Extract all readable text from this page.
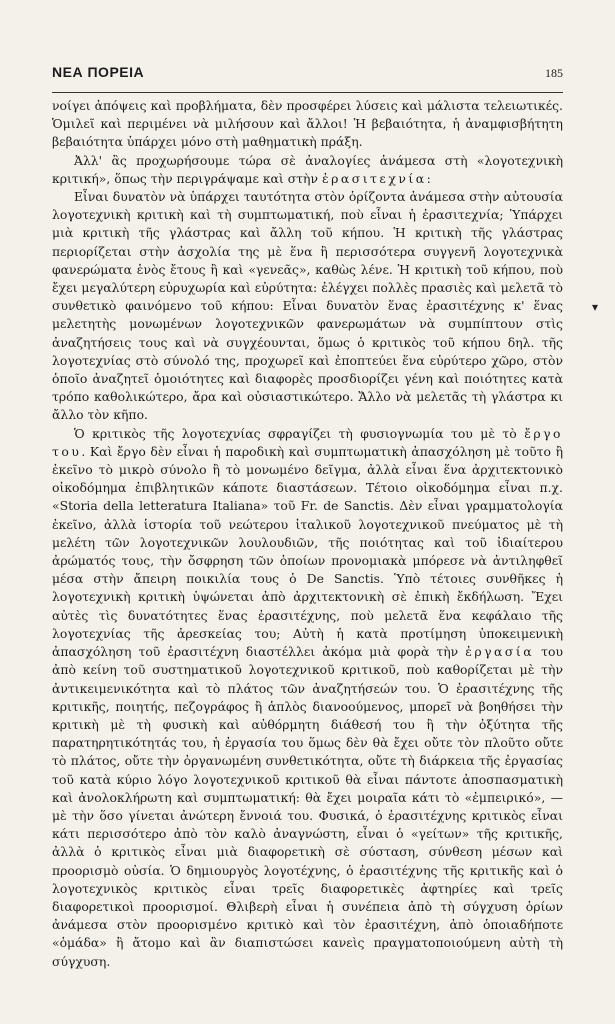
ΝΕΑ ΠΟΡΕΙΑ	185

νοίγει ἀπόψεις καὶ προβλήματα, δὲν προσφέρει λύσεις καὶ μάλιστα τελειωτικές. Ὁμιλεῖ καὶ περιμένει νὰ μιλήσουν καὶ ἄλλοι! Ἡ βεβαιότητα, ἡ ἀναμφισβήτητη βεβαιότητα ὑπάρχει μόνο στὴ μαθηματικὴ πράξη.

Ἀλλ' ἂς προχωρήσουμε τώρα σὲ ἀναλογίες ἀνάμεσα στὴ «λογοτεχνικὴ κριτική», ὅπως τὴν περιγράψαμε καὶ στὴν ἐρασιτεχνία:

Εἶναι δυνατὸν νὰ ὑπάρχει ταυτότητα στὸν ὁρίζοντα ἀνάμεσα στὴν αὐτουσία λογοτεχνικὴ κριτικὴ καὶ τὴ συμπτωματική, ποὺ εἶναι ἡ ἐρασιτεχνία; Ὑπάρχει μιὰ κριτικὴ τῆς γλάστρας καὶ ἄλλη τοῦ κήπου. Ἡ κριτικὴ τῆς γλάστρας περιορίζεται στὴν ἀσχολία της μὲ ἕνα ἢ περισσότερα συγγενῆ λογοτεχνικὰ φανερώματα ἑνὸς ἔτους ἢ καὶ «γενεᾶς», καθὼς λένε. Ἡ κριτικὴ τοῦ κήπου, ποὺ ἔχει μεγαλύτερη εὐρυχωρία καὶ εὐρύτητα: ἐλέγχει πολλὲς πρασιὲς καὶ μελετᾶ τὸ συνθετικὸ φαινόμενο τοῦ κήπου: Εἶναι δυνατὸν ἕνας ἐρασιτέχνης κ' ἕνας μελετητὴς μονωμένων λογοτεχνικῶν φανερωμάτων νὰ συμπίπτουν στὶς ἀναζητήσεις τους καὶ νὰ συγχέουνται, ὅμως ὁ κριτικὸς τοῦ κήπου δηλ. τῆς λογοτεχνίας στὸ σύνολό της, προχωρεῖ καὶ ἐποπτεύει ἕνα εὐρύτερο χῶρο, στὸν ὁποῖο ἀναζητεῖ ὁμοιότητες καὶ διαφορὲς προσδιορίζει γένη καὶ ποιότητες κατὰ τρόπο καθολικώτερο, ἄρα καὶ οὐσιαστικώτερο. Ἄλλο νὰ μελετᾶς τὴ γλάστρα κι ἄλλο τὸν κῆπο.

Ὁ κριτικὸς τῆς λογοτεχνίας σφραγίζει τὴ φυσιογνωμία του μὲ τὸ ἔργο του. Καὶ ἔργο δὲν εἶναι ἡ παροδικὴ καὶ συμπτωματικὴ ἀπασχόληση μὲ τοῦτο ἢ ἐκεῖνο τὸ μικρὸ σύνολο ἢ τὸ μονωμένο δεῖγμα, ἀλλὰ εἶναι ἕνα ἀρχιτεκτονικὸ οἰκοδόμημα ἐπιβλητικῶν κάποτε διαστάσεων. Τέτοιο οἰκοδόμημα εἶναι π.χ. «Storia della letteratura Italiana» τοῦ Fr. de Sanctis. Δὲν εἶναι γραμματολογία ἐκεῖνο, ἀλλὰ ἱστορία τοῦ νεώτερου ἰταλικοῦ λογοτεχνικοῦ πνεύματος μὲ τὴ μελέτη τῶν λογοτεχνικῶν λουλουδιῶν, τῆς ποιότητας καὶ τοῦ ἰδιαίτερου ἀρώματός τους, τὴν ὄσφρηση τῶν ὁποίων προνομιακὰ μπόρεσε νὰ ἀντιληφθεῖ μέσα στὴν ἄπειρη ποικιλία τους ὁ De Sanctis. Ὑπὸ τέτοιες συνθῆκες ἡ λογοτεχνικὴ κριτικὴ ὑψώνεται ἀπὸ ἀρχιτεκτονικὴ σὲ ἐπικὴ ἔκδήλωση. Ἔχει αὐτὲς τὶς δυνατότητες ἕνας ἐρασιτέχνης, ποὺ μελετᾶ ἕνα κεφάλαιο τῆς λογοτεχνίας τῆς ἀρεσκείας του; Αὐτὴ ἡ κατὰ προτίμηση ὑποκειμενικὴ ἀπασχόληση τοῦ ἐρασιτέχνη διαστέλλει ἀκόμα μιὰ φορὰ τὴν ἐργασία του ἀπὸ κείνη τοῦ συστηματικοῦ λογοτεχνικοῦ κριτικοῦ, ποὺ καθορίζεται μὲ τὴν ἀντικειμενικότητα καὶ τὸ πλάτος τῶν ἀναζητήσεών του. Ὁ ἐρασιτέχνης τῆς κριτικῆς, ποιητής, πεζογράφος ἢ ἁπλὸς διανοούμενος, μπορεῖ νὰ βοηθήσει τὴν κριτικὴ μὲ τὴ φυσικὴ καὶ αὐθόρμητη διάθεσή του ἢ τὴν ὀξύτητα τῆς παρατηρητικότητάς του, ἡ ἐργασία του ὅμως δὲν θὰ ἔχει οὔτε τὸν πλοῦτο οὔτε τὸ πλάτος, οὔτε τὴν ὀργανωμένη συνθετικότητα, οὔτε τὴ διάρκεια τῆς ἐργασίας τοῦ κατὰ κύριο λόγο λογοτεχνικοῦ κριτικοῦ θὰ εἶναι πάντοτε ἀποσπασματικὴ καὶ ἀνολοκλήρωτη καὶ συμπτωματική: θὰ ἔχει μοιραῖα κάτι τὸ «ἐμπειρικό», — μὲ τὴν ὅσο γίνεται ἀνώτερη ἔννοιά του. Φυσικά, ὁ ἐρασιτέχνης κριτικὸς εἶναι κάτι περισσότερο ἀπὸ τὸν καλὸ ἀναγνώστη, εἶναι ὁ «γείτων» τῆς κριτικῆς, ἀλλὰ ὁ κριτικὸς εἶναι μιὰ διαφορετικὴ σὲ σύσταση, σύνθεση μέσων καὶ προορισμὸ οὐσία. Ὁ δημιουργὸς λογοτέχνης, ὁ ἐρασιτέχνης τῆς κριτικῆς καὶ ὁ λογοτεχνικὸς κριτικὸς εἶναι τρεῖς διαφορετικὲς ἀφτηρίες καὶ τρεῖς διαφορετικοὶ προορισμοί. Θλιβερὴ εἶναι ἡ συνέπεια ἀπὸ τὴ σύγχυση ὁρίων ἀνάμεσα στὸν προορισμένο κριτικὸ καὶ τὸν ἐρασιτέχνη, ἀπὸ ὁποιαδήποτε «ὁμάδα» ἢ ἄτομο καὶ ἂν διαπιστώσει κανεὶς πραγματοποιούμενη αὐτὴ τὴ σύγχυση.

▾
